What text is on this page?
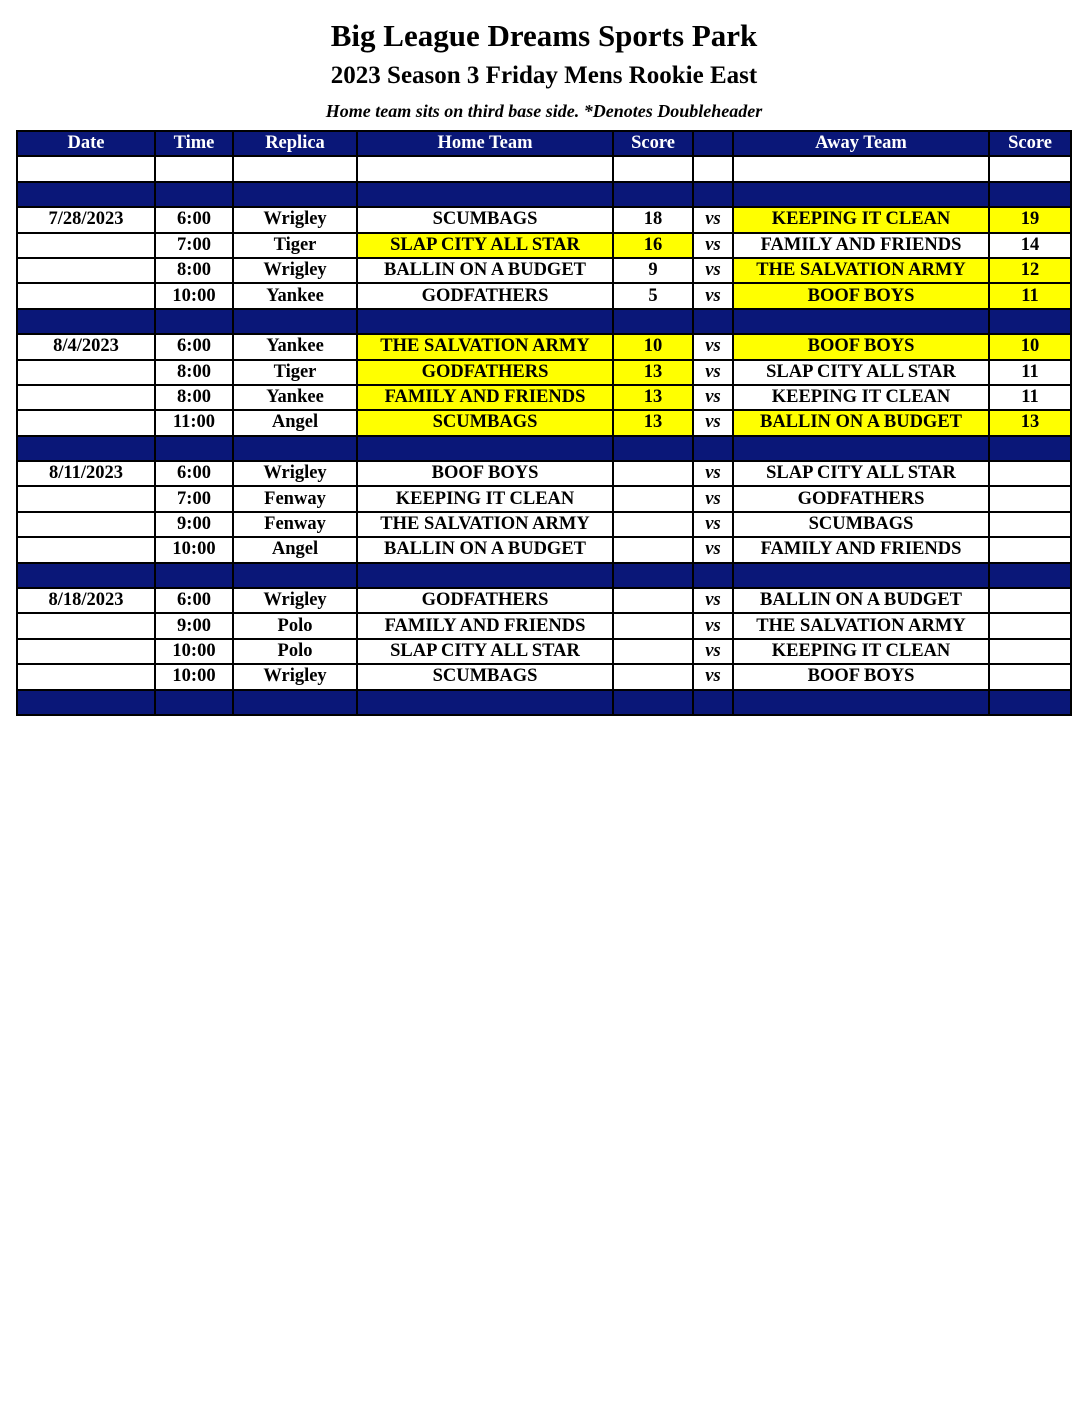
Big League Dreams Sports Park
2023 Season 3 Friday Mens Rookie East
Home team sits on third base side. *Denotes Doubleheader
Date	Time	Replica	Home Team	Score		Away Team	Score

7/28/2023	6:00	Wrigley	SCUMBAGS	18	vs	KEEPING IT CLEAN	19
	7:00	Tiger	SLAP CITY ALL STAR	16	vs	FAMILY AND FRIENDS	14
	8:00	Wrigley	BALLIN ON A BUDGET	9	vs	THE SALVATION ARMY	12
	10:00	Yankee	GODFATHERS	5	vs	BOOF BOYS	11

8/4/2023	6:00	Yankee	THE SALVATION ARMY	10	vs	BOOF BOYS	10
	8:00	Tiger	GODFATHERS	13	vs	SLAP CITY ALL STAR	11
	8:00	Yankee	FAMILY AND FRIENDS	13	vs	KEEPING IT CLEAN	11
	11:00	Angel	SCUMBAGS	13	vs	BALLIN ON A BUDGET	13

8/11/2023	6:00	Wrigley	BOOF BOYS		vs	SLAP CITY ALL STAR	
	7:00	Fenway	KEEPING IT CLEAN		vs	GODFATHERS	
	9:00	Fenway	THE SALVATION ARMY		vs	SCUMBAGS	
	10:00	Angel	BALLIN ON A BUDGET		vs	FAMILY AND FRIENDS	

8/18/2023	6:00	Wrigley	GODFATHERS		vs	BALLIN ON A BUDGET	
	9:00	Polo	FAMILY AND FRIENDS		vs	THE SALVATION ARMY	
	10:00	Polo	SLAP CITY ALL STAR		vs	KEEPING IT CLEAN	
	10:00	Wrigley	SCUMBAGS		vs	BOOF BOYS	
